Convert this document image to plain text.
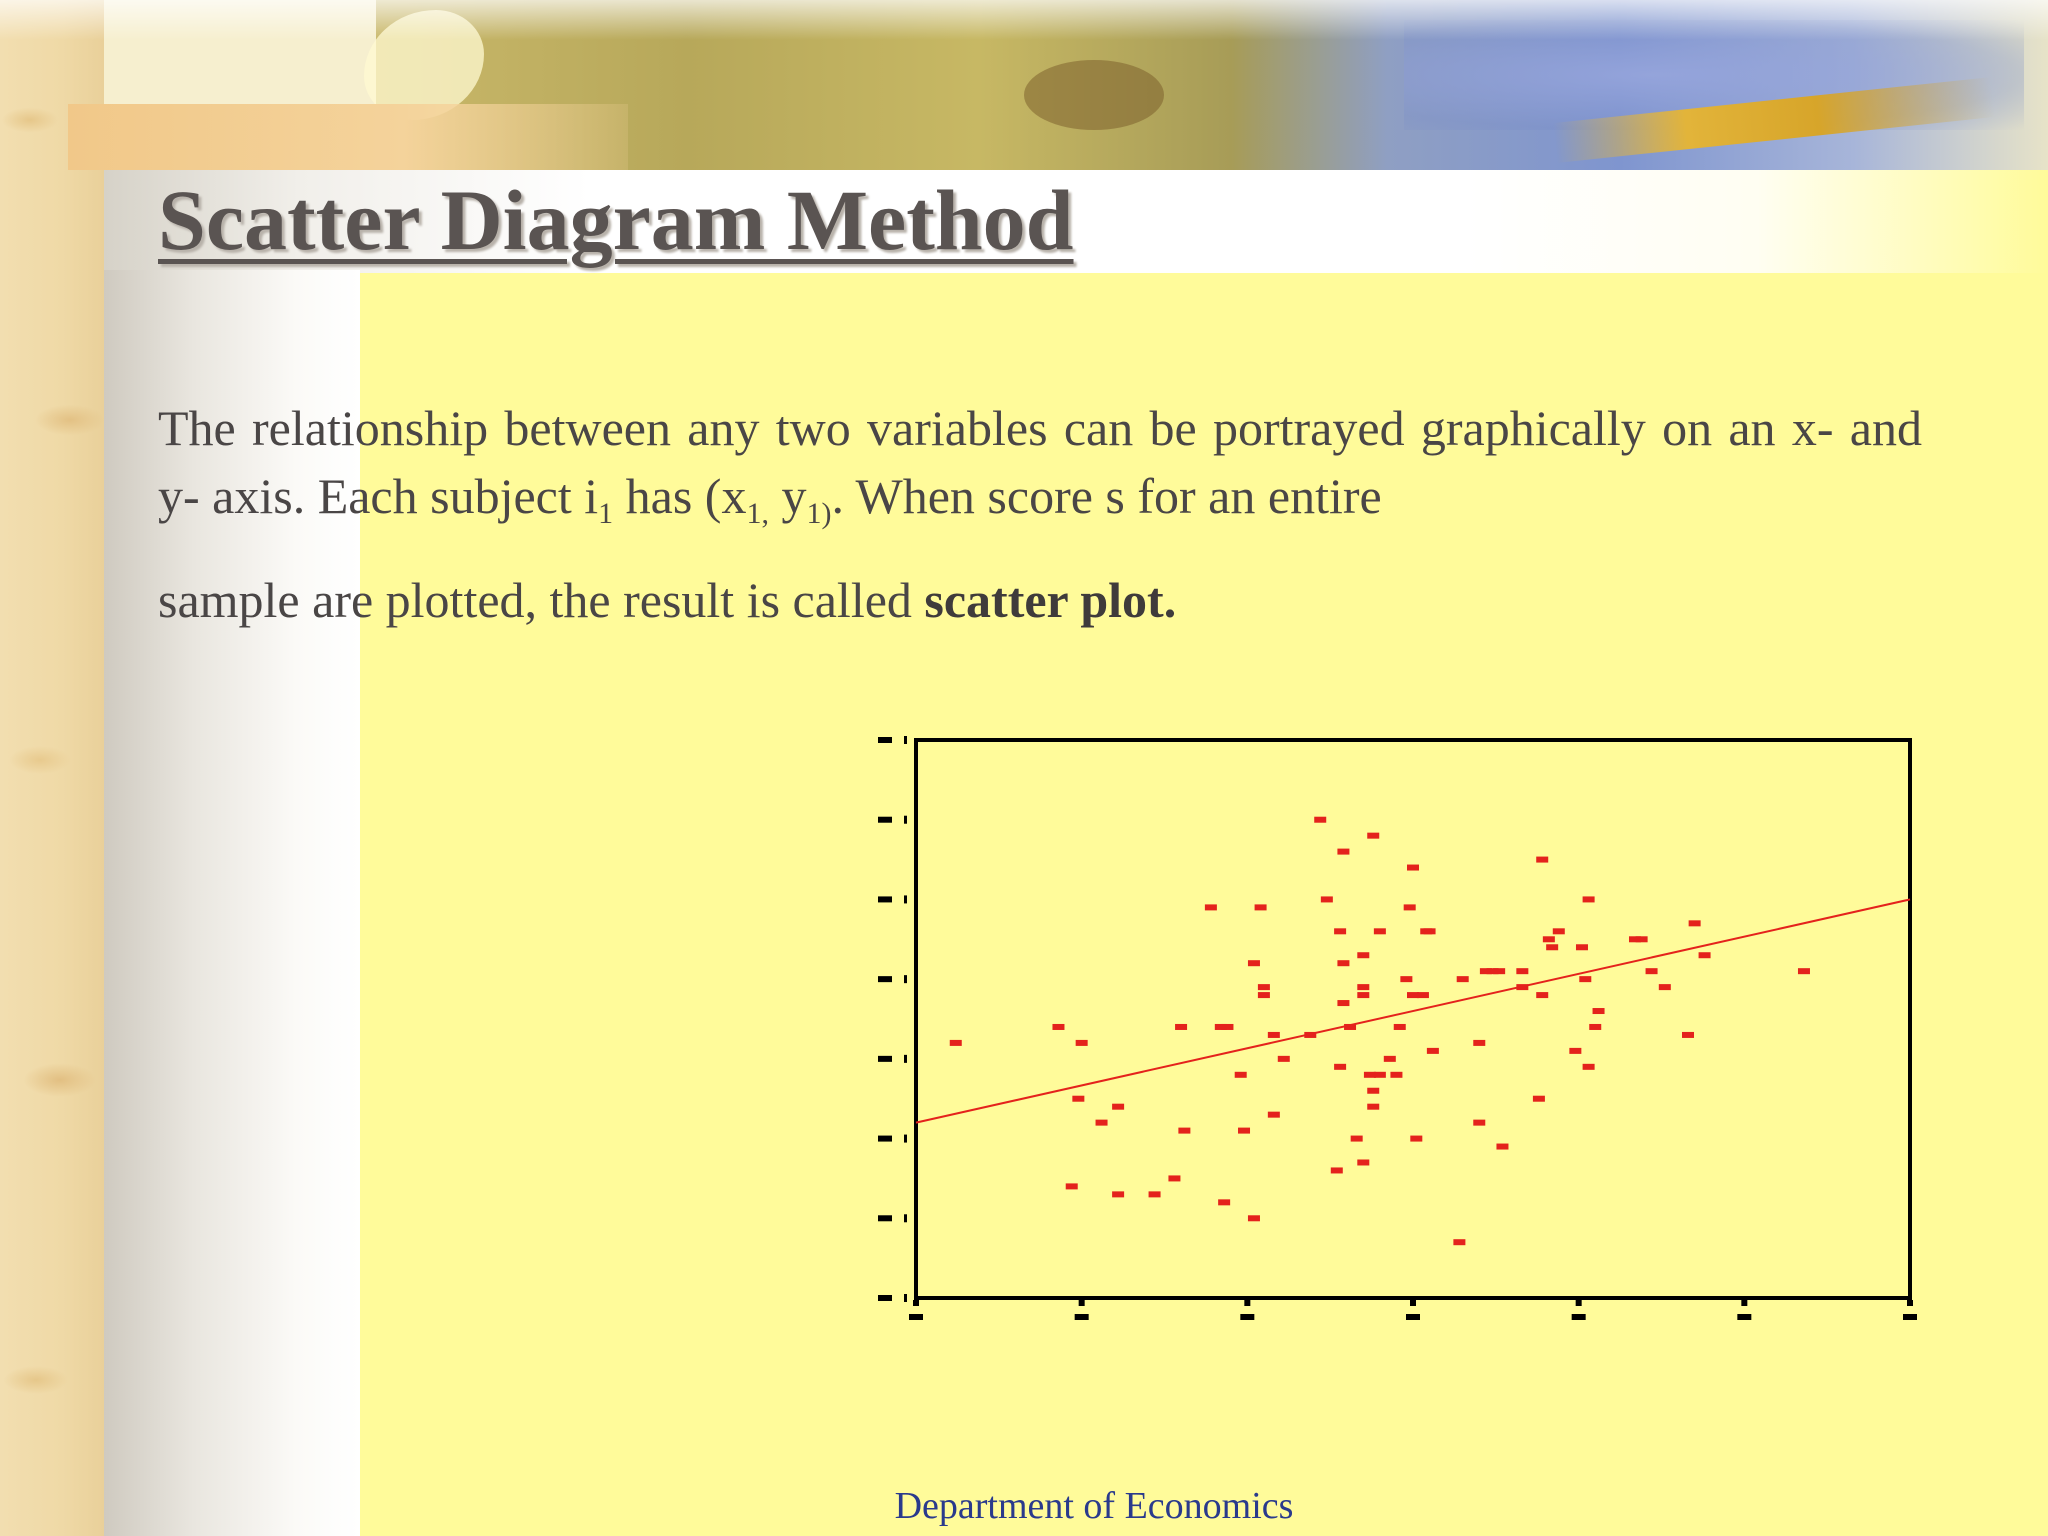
Scatter Diagram Method

The relationship between any two variables can be portrayed graphically on an x- and y- axis. Each subject $i_1$ has ($x_{1,}$ $y_{1)}$. When score s for an entire
sample are plotted, the result is called scatter plot.

Department of Economics
